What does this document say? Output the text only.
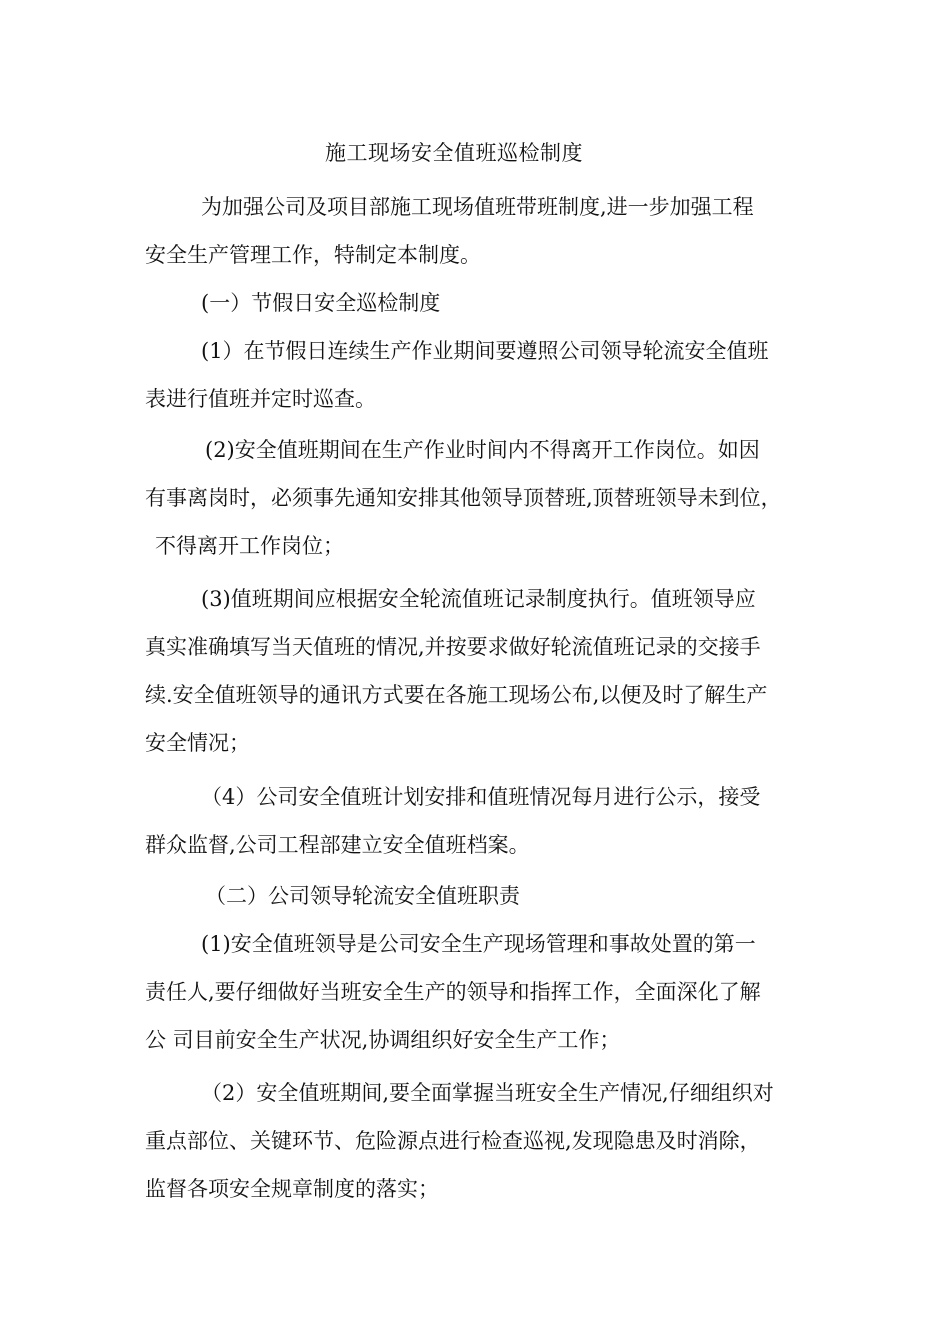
施工现场安全值班巡检制度
为加强公司及项目部施工现场值班带班制度,进一步加强工程
安全生产管理工作，特制定本制度。
(一）节假日安全巡检制度
(1）在节假日连续生产作业期间要遵照公司领导轮流安全值班
表进行值班并定时巡查。
(2)安全值班期间在生产作业时间内不得离开工作岗位。如因
有事离岗时，必须事先通知安排其他领导顶替班,顶替班领导未到位，
不得离开工作岗位；
(3)值班期间应根据安全轮流值班记录制度执行。值班领导应
真实准确填写当天值班的情况,并按要求做好轮流值班记录的交接手
续.安全值班领导的通讯方式要在各施工现场公布,以便及时了解生产
安全情况；
（4）公司安全值班计划安排和值班情况每月进行公示，接受
群众监督,公司工程部建立安全值班档案。
（二）公司领导轮流安全值班职责
(1)安全值班领导是公司安全生产现场管理和事故处置的第一
责任人,要仔细做好当班安全生产的领导和指挥工作，全面深化了解
公 司目前安全生产状况,协调组织好安全生产工作；
（2）安全值班期间,要全面掌握当班安全生产情况,仔细组织对
重点部位、关键环节、危险源点进行检查巡视,发现隐患及时消除，
监督各项安全规章制度的落实；
